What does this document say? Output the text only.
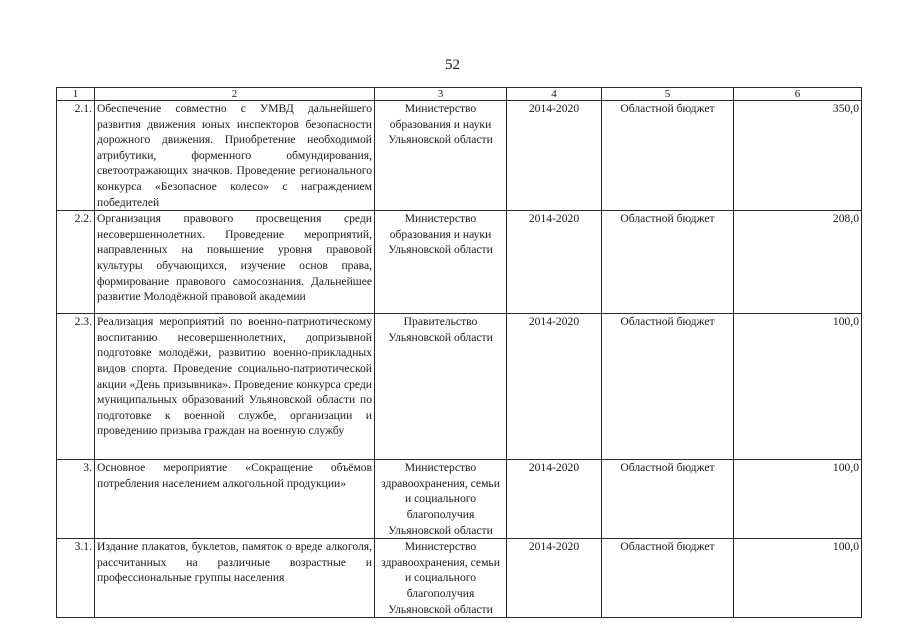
52
1	2	3	4	5	6
2.1.	Обеспечение совместно с УМВД дальнейшего развития движения юных инспекторов безопасности дорожного движения. Приобретение необходимой атрибутики, форменного обмундирования, светоотражающих значков. Проведение регионального конкурса «Безопасное колесо» с награждением победителей	Министерство образования и науки Ульяновской области	2014-2020	Областной бюджет	350,0
2.2.	Организация правового просвещения среди несовершеннолетних. Проведение мероприятий, направленных на повышение уровня правовой культуры обучающихся, изучение основ права, формирование правового самосознания. Дальнейшее развитие Молодёжной правовой академии	Министерство образования и науки Ульяновской области	2014-2020	Областной бюджет	208,0
2.3.	Реализация мероприятий по военно-патриотическому воспитанию несовершеннолетних, допризывной подготовке молодёжи, развитию военно-прикладных видов спорта. Проведение социально-патриотической акции «День призывника». Проведение конкурса среди муниципальных образований Ульяновской области по подготовке к военной службе, организации и проведению призыва граждан на военную службу	Правительство Ульяновской области	2014-2020	Областной бюджет	100,0
3.	Основное мероприятие «Сокращение объёмов потребления населением алкогольной продукции»	Министерство здравоохранения, семьи и социального благополучия Ульяновской области	2014-2020	Областной бюджет	100,0
3.1.	Издание плакатов, буклетов, памяток о вреде алкоголя, рассчитанных на различные возрастные и профессиональные группы населения	Министерство здравоохранения, семьи и социального благополучия Ульяновской области	2014-2020	Областной бюджет	100,0
